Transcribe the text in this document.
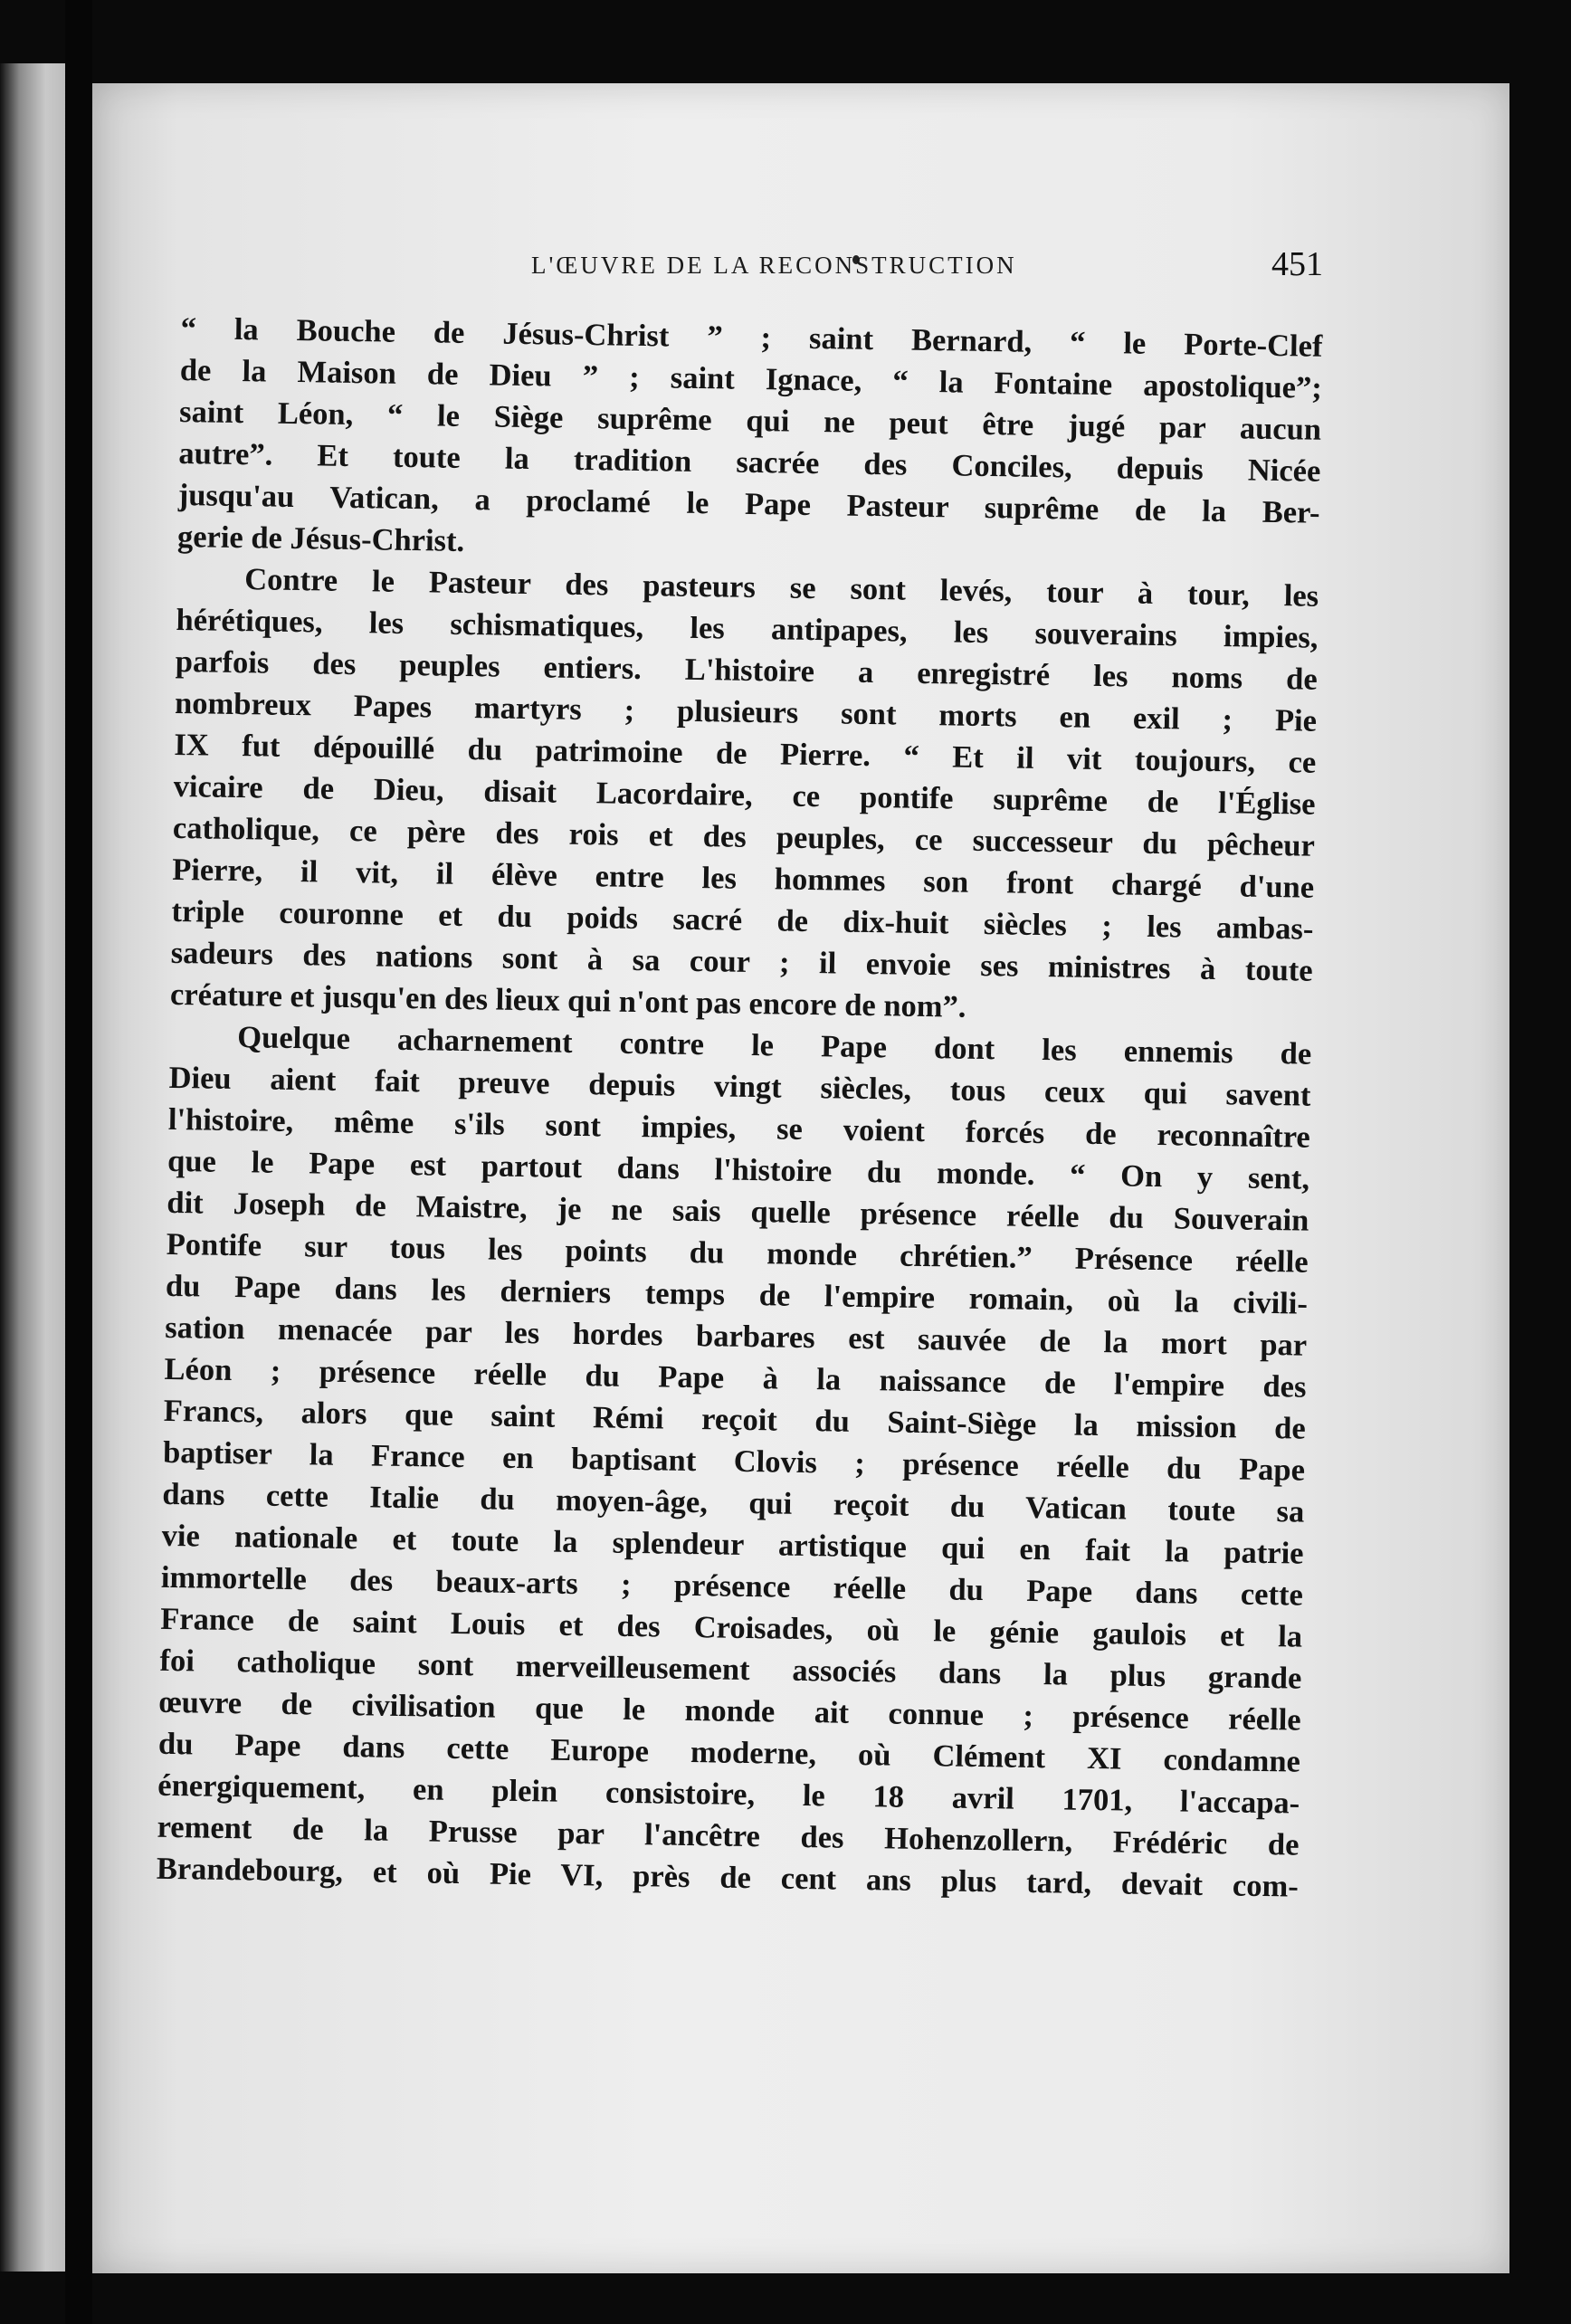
L'ŒUVRE DE LA RECONSTRUCTION	451
“ la Bouche de Jésus-Christ ” ; saint Bernard, “ le Porte-Clef
de la Maison de Dieu ” ; saint Ignace, “ la Fontaine apostolique”;
saint Léon, “ le Siège suprême qui ne peut être jugé par aucun
autre”. Et toute la tradition sacrée des Conciles, depuis Nicée
jusqu'au Vatican, a proclamé le Pape Pasteur suprême de la Ber-
gerie de Jésus-Christ.
Contre le Pasteur des pasteurs se sont levés, tour à tour, les
hérétiques, les schismatiques, les antipapes, les souverains impies,
parfois des peuples entiers. L'histoire a enregistré les noms de
nombreux Papes martyrs ; plusieurs sont morts en exil ; Pie
IX fut dépouillé du patrimoine de Pierre. “ Et il vit toujours, ce
vicaire de Dieu, disait Lacordaire, ce pontife suprême de l'Église
catholique, ce père des rois et des peuples, ce successeur du pêcheur
Pierre, il vit, il élève entre les hommes son front chargé d'une
triple couronne et du poids sacré de dix-huit siècles ; les ambas-
sadeurs des nations sont à sa cour ; il envoie ses ministres à toute
créature et jusqu'en des lieux qui n'ont pas encore de nom”.
Quelque acharnement contre le Pape dont les ennemis de
Dieu aient fait preuve depuis vingt siècles, tous ceux qui savent
l'histoire, même s'ils sont impies, se voient forcés de reconnaître
que le Pape est partout dans l'histoire du monde. “ On y sent,
dit Joseph de Maistre, je ne sais quelle présence réelle du Souverain
Pontife sur tous les points du monde chrétien.” Présence réelle
du Pape dans les derniers temps de l'empire romain, où la civili-
sation menacée par les hordes barbares est sauvée de la mort par
Léon ; présence réelle du Pape à la naissance de l'empire des
Francs, alors que saint Rémi reçoit du Saint-Siège la mission de
baptiser la France en baptisant Clovis ; présence réelle du Pape
dans cette Italie du moyen-âge, qui reçoit du Vatican toute sa
vie nationale et toute la splendeur artistique qui en fait la patrie
immortelle des beaux-arts ; présence réelle du Pape dans cette
France de saint Louis et des Croisades, où le génie gaulois et la
foi catholique sont merveilleusement associés dans la plus grande
œuvre de civilisation que le monde ait connue ; présence réelle
du Pape dans cette Europe moderne, où Clément XI condamne
énergiquement, en plein consistoire, le 18 avril 1701, l'accapa-
rement de la Prusse par l'ancêtre des Hohenzollern, Frédéric de
Brandebourg, et où Pie VI, près de cent ans plus tard, devait com-
